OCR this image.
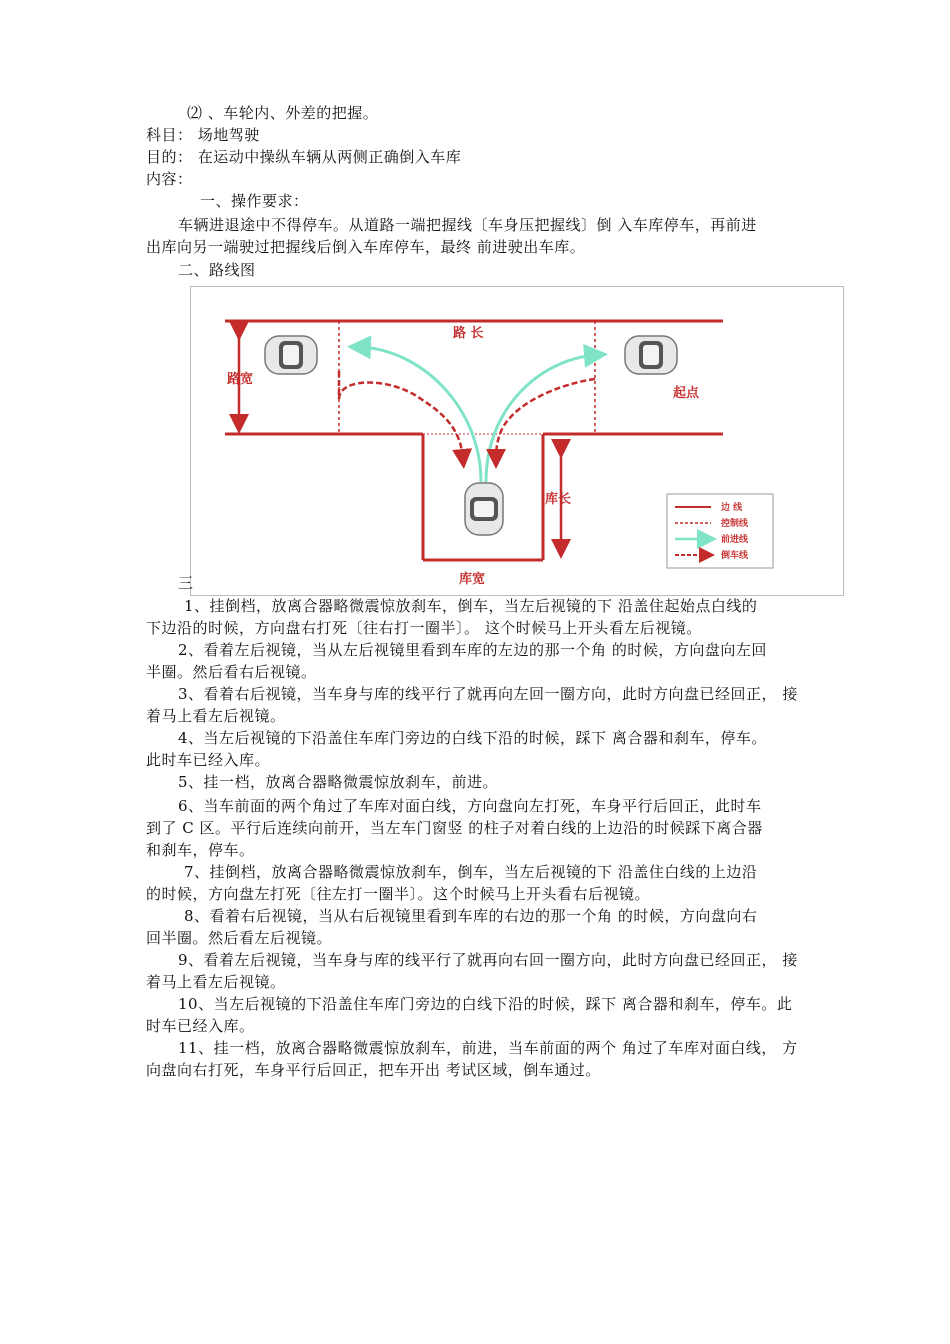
⑵ 、车轮内、外差的把握。
科目： 场地驾驶
目的： 在运动中操纵车辆从两侧正确倒入车库
内容：
一、操作要求：
车辆进退途中不得停车。从道路一端把握线〔车身压把握线〕倒 入车库停车，再前进
出库向另一端驶过把握线后倒入车库停车，最终 前进驶出车库。
二、路线图
路 长
路宽
起点
库长
库宽
边 线
控制线
前进线
倒车线
三
1、挂倒档，放离合器略微震惊放刹车，倒车，当左后视镜的下 沿盖住起始点白线的
下边沿的时候，方向盘右打死〔往右打一圈半〕。 这个时候马上开头看左后视镜。
2、看着左后视镜，当从左后视镜里看到车库的左边的那一个角 的时候，方向盘向左回
半圈。然后看右后视镜。
3、看着右后视镜，当车身与库的线平行了就再向左回一圈方向，此时方向盘已经回正， 接
着马上看左后视镜。
4、当左后视镜的下沿盖住车库门旁边的白线下沿的时候，踩下 离合器和刹车，停车。
此时车已经入库。
5、挂一档，放离合器略微震惊放刹车，前进。
6、当车前面的两个角过了车库对面白线，方向盘向左打死，车身平行后回正，此时车
到了 C 区。平行后连续向前开，当左车门窗竖 的柱子对着白线的上边沿的时候踩下离合器
和刹车，停车。
7、挂倒档，放离合器略微震惊放刹车，倒车，当左后视镜的下 沿盖住白线的上边沿
的时候，方向盘左打死〔往左打一圈半〕。这个时候马上开头看右后视镜。
8、看着右后视镜，当从右后视镜里看到车库的右边的那一个角 的时候，方向盘向右
回半圈。然后看左后视镜。
9、看着左后视镜，当车身与库的线平行了就再向右回一圈方向，此时方向盘已经回正， 接
着马上看左后视镜。
10、当左后视镜的下沿盖住车库门旁边的白线下沿的时候，踩下 离合器和刹车，停车。此
时车已经入库。
11、挂一档，放离合器略微震惊放刹车，前进，当车前面的两个 角过了车库对面白线， 方
向盘向右打死，车身平行后回正，把车开出 考试区域，倒车通过。
